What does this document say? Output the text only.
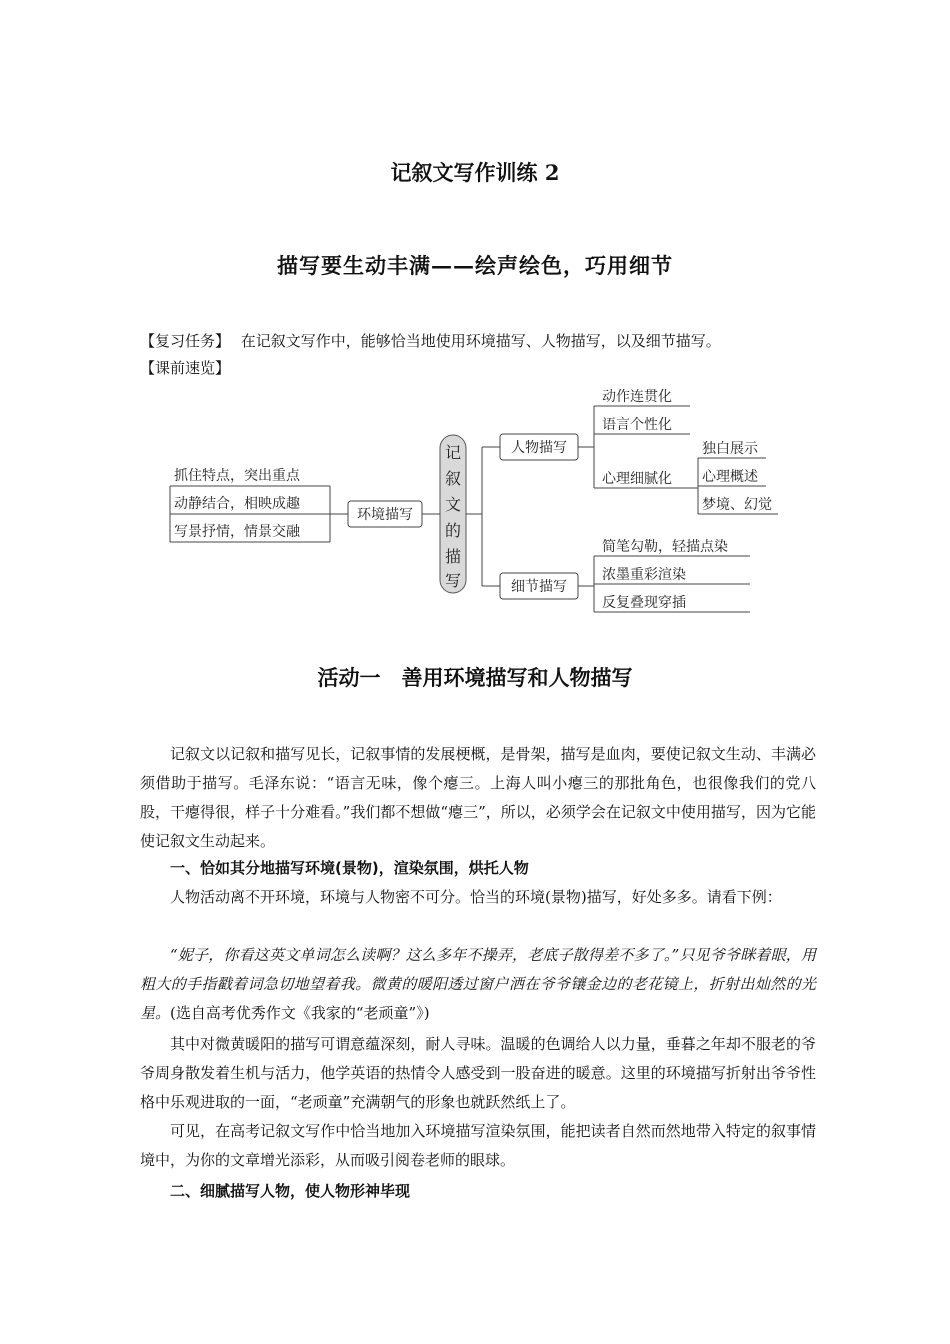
记叙文写作训练 2
描写要生动丰满——绘声绘色，巧用细节
【复习任务】 在记叙文写作中，能够恰当地使用环境描写、人物描写，以及细节描写。
【课前速览】
记
叙
文
的
描
写
环境描写
抓住特点，突出重点
动静结合，相映成趣
写景抒情，情景交融
人物描写
动作连贯化
语言个性化
心理细腻化
独白展示
心理概述
梦境、幻觉
细节描写
简笔勾勒，轻描点染
浓墨重彩渲染
反复叠现穿插
活动一　善用环境描写和人物描写

记叙文以记叙和描写见长，记叙事情的发展梗概，是骨架，描写是血肉，要使记叙文生动、丰满必须借助于描写。毛泽东说：“语言无味，像个瘪三。上海人叫小瘪三的那批角色，也很像我们的党八股，干瘪得很，样子十分难看。”我们都不想做“瘪三”，所以，必须学会在记叙文中使用描写，因为它能使记叙文生动起来。

一、恰如其分地描写环境(景物)，渲染氛围，烘托人物

人物活动离不开环境，环境与人物密不可分。恰当的环境(景物)描写，好处多多。请看下例：

“妮子，你看这英文单词怎么读啊？这么多年不操弄，老底子散得差不多了。”只见爷爷眯着眼，用粗大的手指戳着词急切地望着我。微黄的暖阳透过窗户洒在爷爷镶金边的老花镜上，折射出灿然的光星。(选自高考优秀作文《我家的“老顽童”》)

其中对微黄暖阳的描写可谓意蕴深刻，耐人寻味。温暖的色调给人以力量，垂暮之年却不服老的爷爷周身散发着生机与活力，他学英语的热情令人感受到一股奋进的暖意。这里的环境描写折射出爷爷性格中乐观进取的一面，“老顽童”充满朝气的形象也就跃然纸上了。

可见，在高考记叙文写作中恰当地加入环境描写渲染氛围，能把读者自然而然地带入特定的叙事情境中，为你的文章增光添彩，从而吸引阅卷老师的眼球。

二、细腻描写人物，使人物形神毕现
